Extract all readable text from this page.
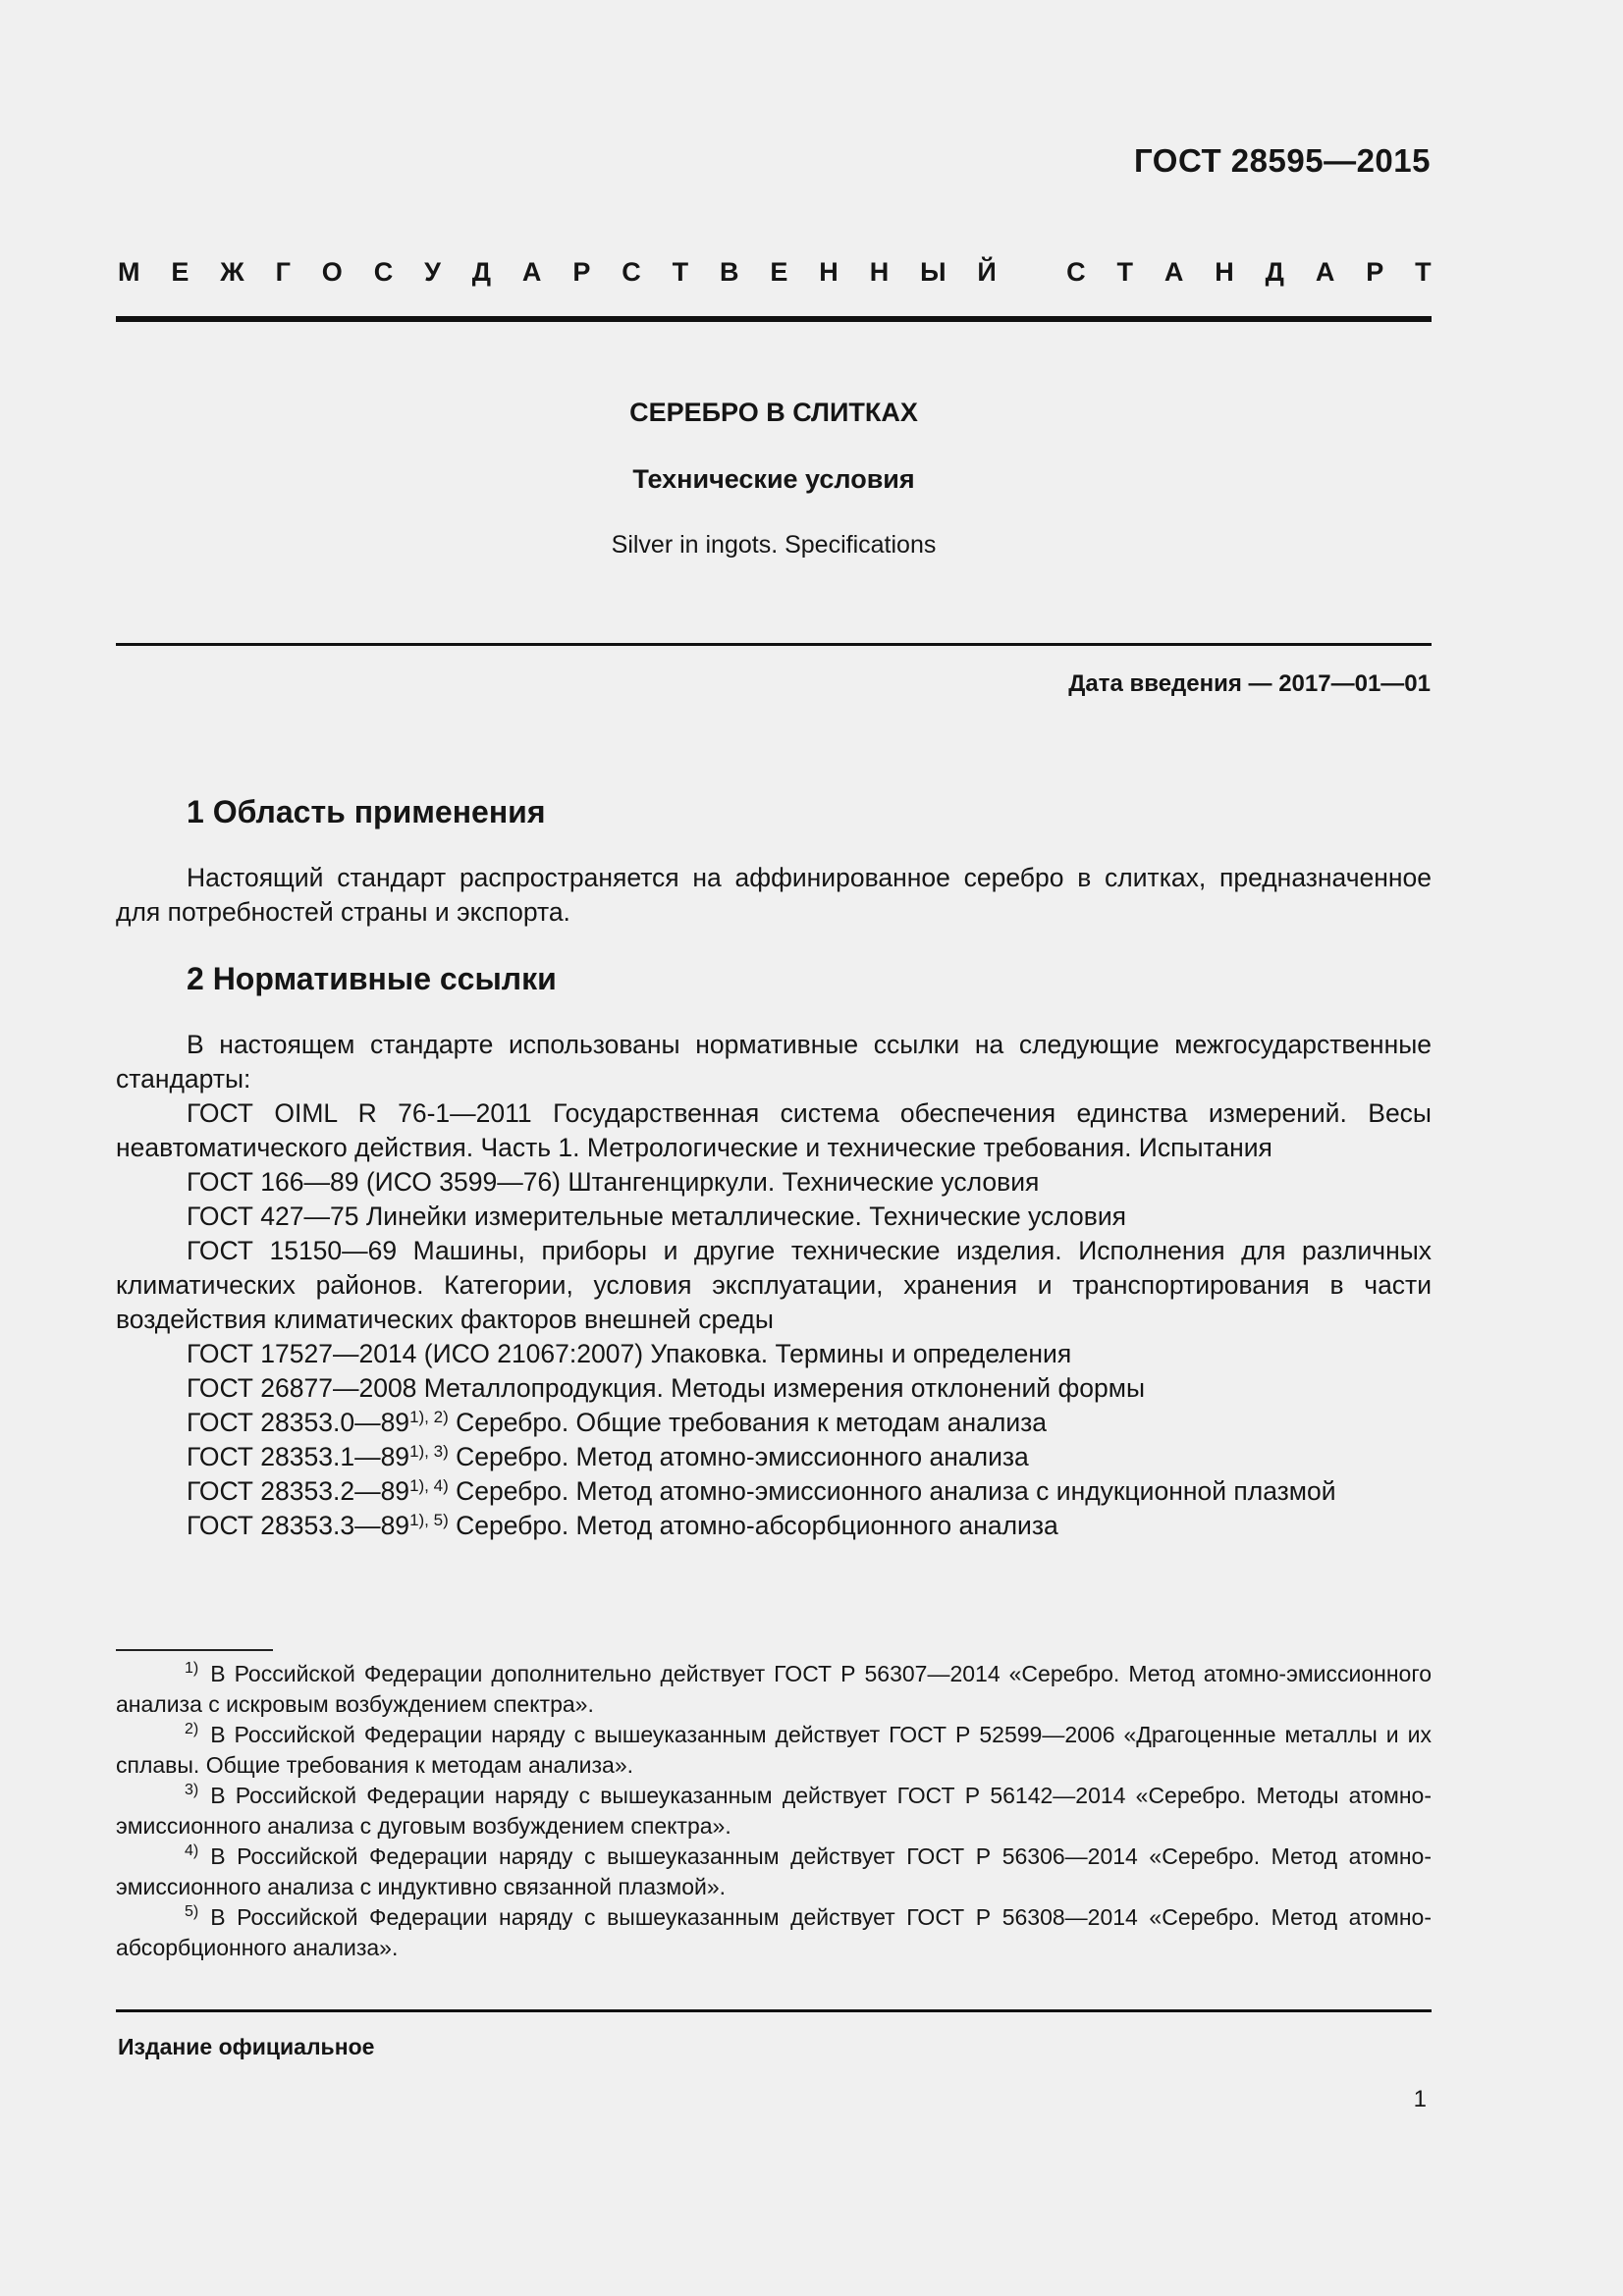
ГОСТ 28595—2015
М Е Ж Г О С У Д А Р С Т В Е Н Н Ы Й
	С Т А Н Д А Р Т
СЕРЕБРО В СЛИТКАХ
Технические условия
Silver in ingots. Specifications
Дата введения — 2017—01—01
1 Область применения

Настоящий стандарт распространяется на аффинированное серебро в слитках, предназначенное для потребностей страны и экспорта.

2 Нормативные ссылки

В настоящем стандарте использованы нормативные ссылки на следующие межгосударственные стандарты:

ГОСТ OIML R 76-1—2011 Государственная система обеспечения единства измерений. Весы неавтоматического действия. Часть 1. Метрологические и технические требования. Испытания

ГОСТ 166—89 (ИСО 3599—76) Штангенциркули. Технические условия

ГОСТ 427—75 Линейки измерительные металлические. Технические условия

ГОСТ 15150—69 Машины, приборы и другие технические изделия. Исполнения для различных климатических районов. Категории, условия эксплуатации, хранения и транспортирования в части воздействия климатических факторов внешней среды

ГОСТ 17527—2014 (ИСО 21067:2007) Упаковка. Термины и определения

ГОСТ 26877—2008 Металлопродукция. Методы измерения отклонений формы

ГОСТ $28353.0—89^{1), 2)}$ Серебро. Общие требования к методам анализа

ГОСТ $28353.1—89^{1), 3)}$ Серебро. Метод атомно-эмиссионного анализа

ГОСТ $28353.2—89^{1), 4)}$ Серебро. Метод атомно-эмиссионного анализа с индукционной плазмой

ГОСТ $28353.3—89^{1), 5)}$ Серебро. Метод атомно-абсорбционного анализа

$^{1)}$ В Российской Федерации дополнительно действует ГОСТ Р 56307—2014 «Серебро. Метод атомно-эмиссионного анализа с искровым возбуждением спектра».

$^{2)}$ В Российской Федерации наряду с вышеуказанным действует ГОСТ Р 52599—2006 «Драгоценные металлы и их сплавы. Общие требования к методам анализа».

$^{3)}$ В Российской Федерации наряду с вышеуказанным действует ГОСТ Р 56142—2014 «Серебро. Методы атомно-эмиссионного анализа с дуговым возбуждением спектра».

$^{4)}$ В Российской Федерации наряду с вышеуказанным действует ГОСТ Р 56306—2014 «Серебро. Метод атомно-эмиссионного анализа с индуктивно связанной плазмой».

$^{5)}$ В Российской Федерации наряду с вышеуказанным действует ГОСТ Р 56308—2014 «Серебро. Метод атомно-абсорбционного анализа».

Издание официальное
1
